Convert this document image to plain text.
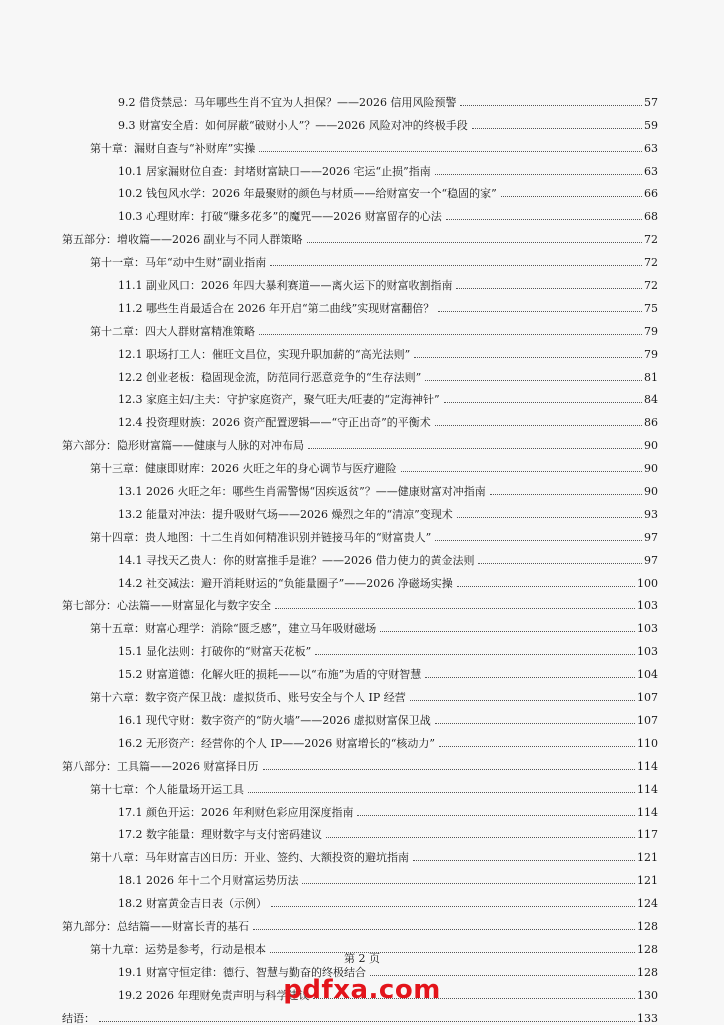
9.2 借贷禁忌：马年哪些生肖不宜为人担保？——2026 信用风险预警	57
9.3 财富安全盾：如何屏蔽“破财小人”？——2026 风险对冲的终极手段	59
第十章：漏财自查与“补财库”实操	63
10.1 居家漏财位自查：封堵财富缺口——2026 宅运“止损”指南	63
10.2 钱包风水学：2026 年最聚财的颜色与材质——给财富安一个“稳固的家”	66
10.3 心理财库：打破“赚多花多”的魔咒——2026 财富留存的心法	68
第五部分：增收篇——2026 副业与不同人群策略	72
第十一章：马年“动中生财”副业指南	72
11.1 副业风口：2026 年四大暴利赛道——离火运下的财富收割指南	72
11.2 哪些生肖最适合在 2026 年开启“第二曲线”实现财富翻倍？	75
第十二章：四大人群财富精准策略	79
12.1 职场打工人：催旺文昌位，实现升职加薪的“高光法则”	79
12.2 创业老板：稳固现金流，防范同行恶意竞争的“生存法则”	81
12.3 家庭主妇/主夫：守护家庭资产，聚气旺夫/旺妻的“定海神针”	84
12.4 投资理财族：2026 资产配置逻辑——“守正出奇”的平衡术	86
第六部分：隐形财富篇——健康与人脉的对冲布局	90
第十三章：健康即财库：2026 火旺之年的身心调节与医疗避险	90
13.1 2026 火旺之年：哪些生肖需警惕“因疾返贫”？——健康财富对冲指南	90
13.2 能量对冲法：提升吸财气场——2026 燥烈之年的“清凉”变现术	93
第十四章：贵人地图：十二生肖如何精准识别并链接马年的“财富贵人”	97
14.1 寻找天乙贵人：你的财富推手是谁？——2026 借力使力的黄金法则	97
14.2 社交减法：避开消耗财运的“负能量圈子”——2026 净磁场实操	100
第七部分：心法篇——财富显化与数字安全	103
第十五章：财富心理学：消除“匮乏感”，建立马年吸财磁场	103
15.1 显化法则：打破你的“财富天花板”	103
15.2 财富道德：化解火旺的损耗——以“布施”为盾的守财智慧	104
第十六章：数字资产保卫战：虚拟货币、账号安全与个人 IP 经营	107
16.1 现代守财：数字资产的“防火墙”——2026 虚拟财富保卫战	107
16.2 无形资产：经营你的个人 IP——2026 财富增长的“核动力”	110
第八部分：工具篇——2026 财富择日历	114
第十七章：个人能量场开运工具	114
17.1 颜色开运：2026 年利财色彩应用深度指南	114
17.2 数字能量：理财数字与支付密码建议	117
第十八章：马年财富吉凶日历：开业、签约、大额投资的避坑指南	121
18.1 2026 年十二个月财富运势历法	121
18.2 财富黄金吉日表（示例）	124
第九部分：总结篇——财富长青的基石	128
第十九章：运势是参考，行动是根本	128
19.1 财富守恒定律：德行、智慧与勤奋的终极结合	128
19.2 2026 年理财免责声明与科学建议	130
结语：	133
第 2 页
pdfxa.com
